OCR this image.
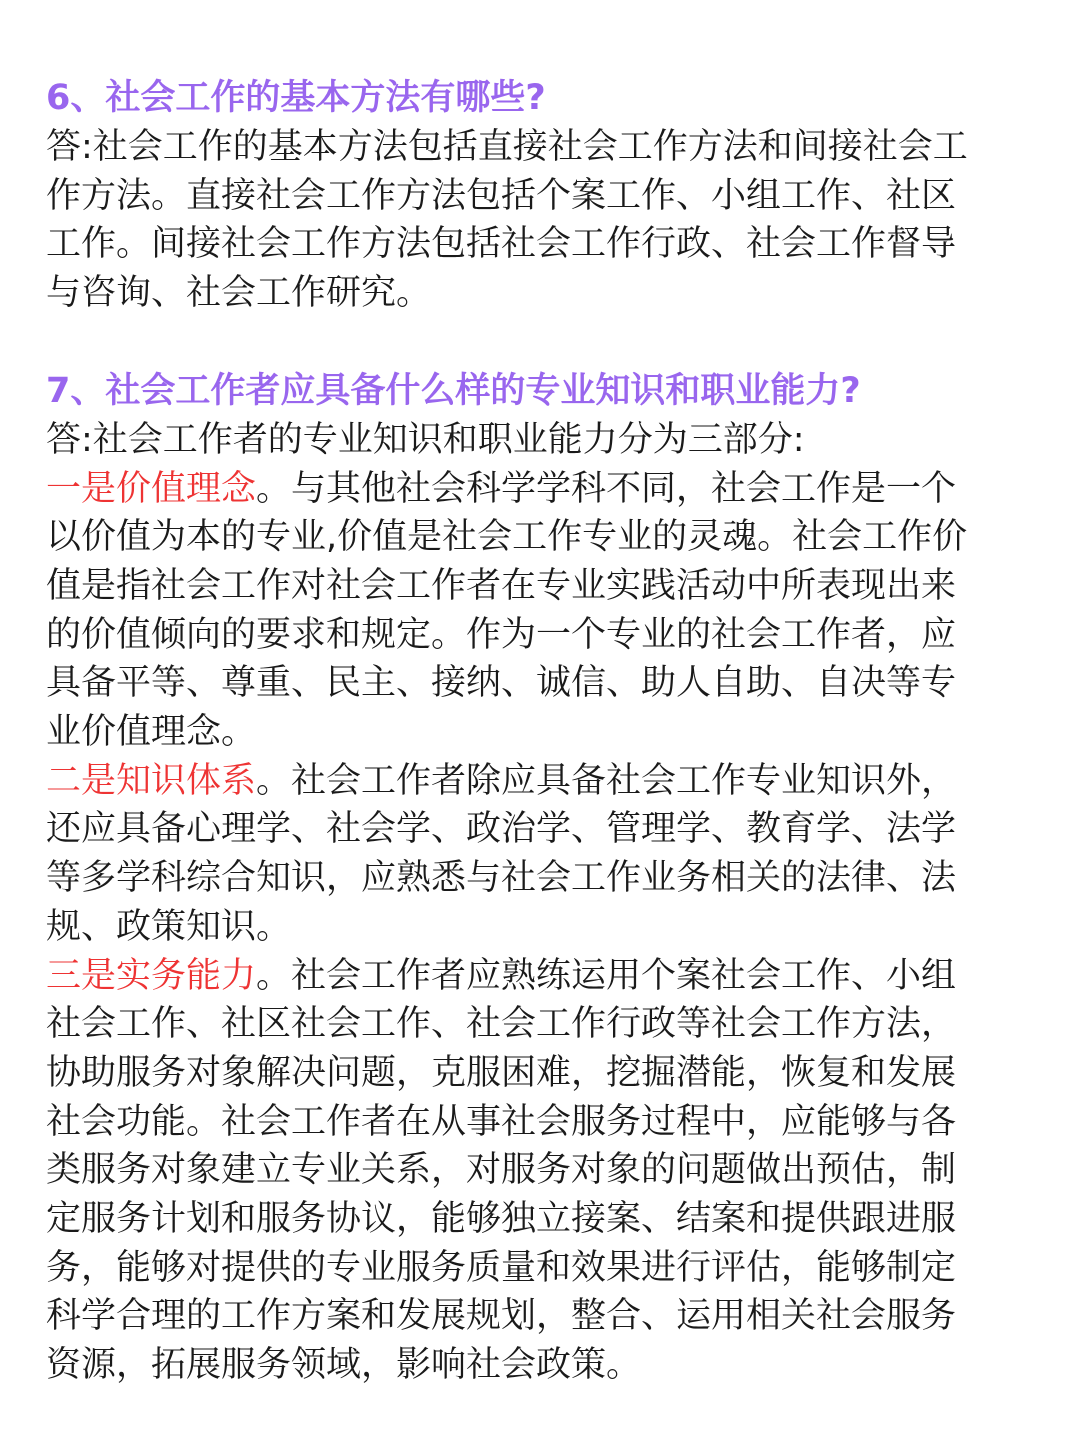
6、社会工作的基本方法有哪些?
答:社会工作的基本方法包括直接社会工作方法和间接社会工
作方法。直接社会工作方法包括个案工作、小组工作、社区
工作。间接社会工作方法包括社会工作行政、社会工作督导
与咨询、社会工作研究。
7、社会工作者应具备什么样的专业知识和职业能力?
答:社会工作者的专业知识和职业能力分为三部分:
一是价值理念。与其他社会科学学科不同，社会工作是一个
以价值为本的专业,价值是社会工作专业的灵魂。社会工作价
值是指社会工作对社会工作者在专业实践活动中所表现出来
的价值倾向的要求和规定。作为一个专业的社会工作者，应
具备平等、尊重、民主、接纳、诚信、助人自助、自决等专
业价值理念。
二是知识体系。社会工作者除应具备社会工作专业知识外，
还应具备心理学、社会学、政治学、管理学、教育学、法学
等多学科综合知识，应熟悉与社会工作业务相关的法律、法
规、政策知识。
三是实务能力。社会工作者应熟练运用个案社会工作、小组
社会工作、社区社会工作、社会工作行政等社会工作方法，
协助服务对象解决问题，克服困难，挖掘潜能，恢复和发展
社会功能。社会工作者在从事社会服务过程中，应能够与各
类服务对象建立专业关系，对服务对象的问题做出预估，制
定服务计划和服务协议，能够独立接案、结案和提供跟进服
务，能够对提供的专业服务质量和效果进行评估，能够制定
科学合理的工作方案和发展规划，整合、运用相关社会服务
资源，拓展服务领域，影响社会政策。
